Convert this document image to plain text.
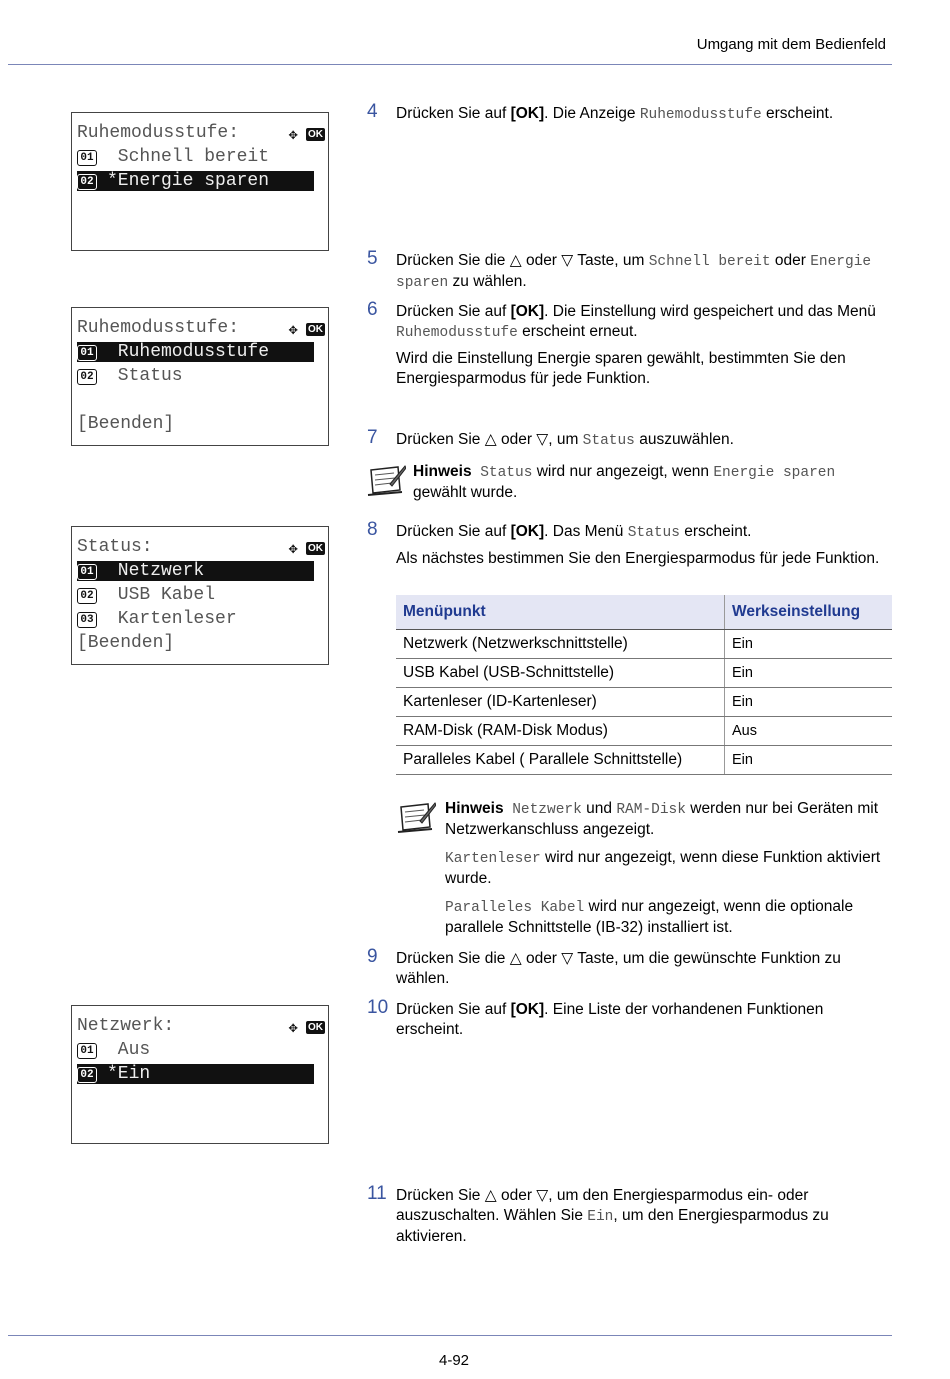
Umgang mit dem Bedienfeld
Ruhemodusstufe:	✥ OK
01 Schnell bereit
02 *Energie sparen
Ruhemodusstufe:	✥ OK
01 Ruhemodusstufe
02 Status
[Beenden]
Status:	✥ OK
01 Netzwerk
02 USB Kabel
03 Kartenleser
[Beenden]
Netzwerk:	✥ OK
01 Aus
02 *Ein
4 Drücken Sie auf [OK]. Die Anzeige Ruhemodusstufe erscheint.
5 Drücken Sie die △ oder ▽ Taste, um Schnell bereit oder Energie sparen zu wählen.
6 Drücken Sie auf [OK]. Die Einstellung wird gespeichert und das Menü Ruhemodusstufe erscheint erneut.

Wird die Einstellung Energie sparen gewählt, bestimmten Sie den Energiesparmodus für jede Funktion.

7 Drücken Sie △ oder ▽, um Status auszuwählen.
Hinweis Status wird nur angezeigt, wenn Energie sparen gewählt wurde.
8 Drücken Sie auf [OK]. Das Menü Status erscheint.

Als nächstes bestimmen Sie den Energiesparmodus für jede Funktion.

Menüpunkt	Werkseinstellung
Netzwerk (Netzwerkschnittstelle)	Ein
USB Kabel (USB-Schnittstelle)	Ein
Kartenleser (ID-Kartenleser)	Ein
RAM-Disk (RAM-Disk Modus)	Aus
Paralleles Kabel ( Parallele Schnittstelle)	Ein

Hinweis Netzwerk und RAM-Disk werden nur bei Geräten mit Netzwerkanschluss angezeigt.

Kartenleser wird nur angezeigt, wenn diese Funktion aktiviert wurde.

Paralleles Kabel wird nur angezeigt, wenn die optionale parallele Schnittstelle (IB-32) installiert ist.

9 Drücken Sie die △ oder ▽ Taste, um die gewünschte Funktion zu wählen.
10 Drücken Sie auf [OK]. Eine Liste der vorhandenen Funktionen erscheint.
11 Drücken Sie △ oder ▽, um den Energiesparmodus ein- oder auszuschalten. Wählen Sie Ein, um den Energiesparmodus zu aktivieren.
4-92
